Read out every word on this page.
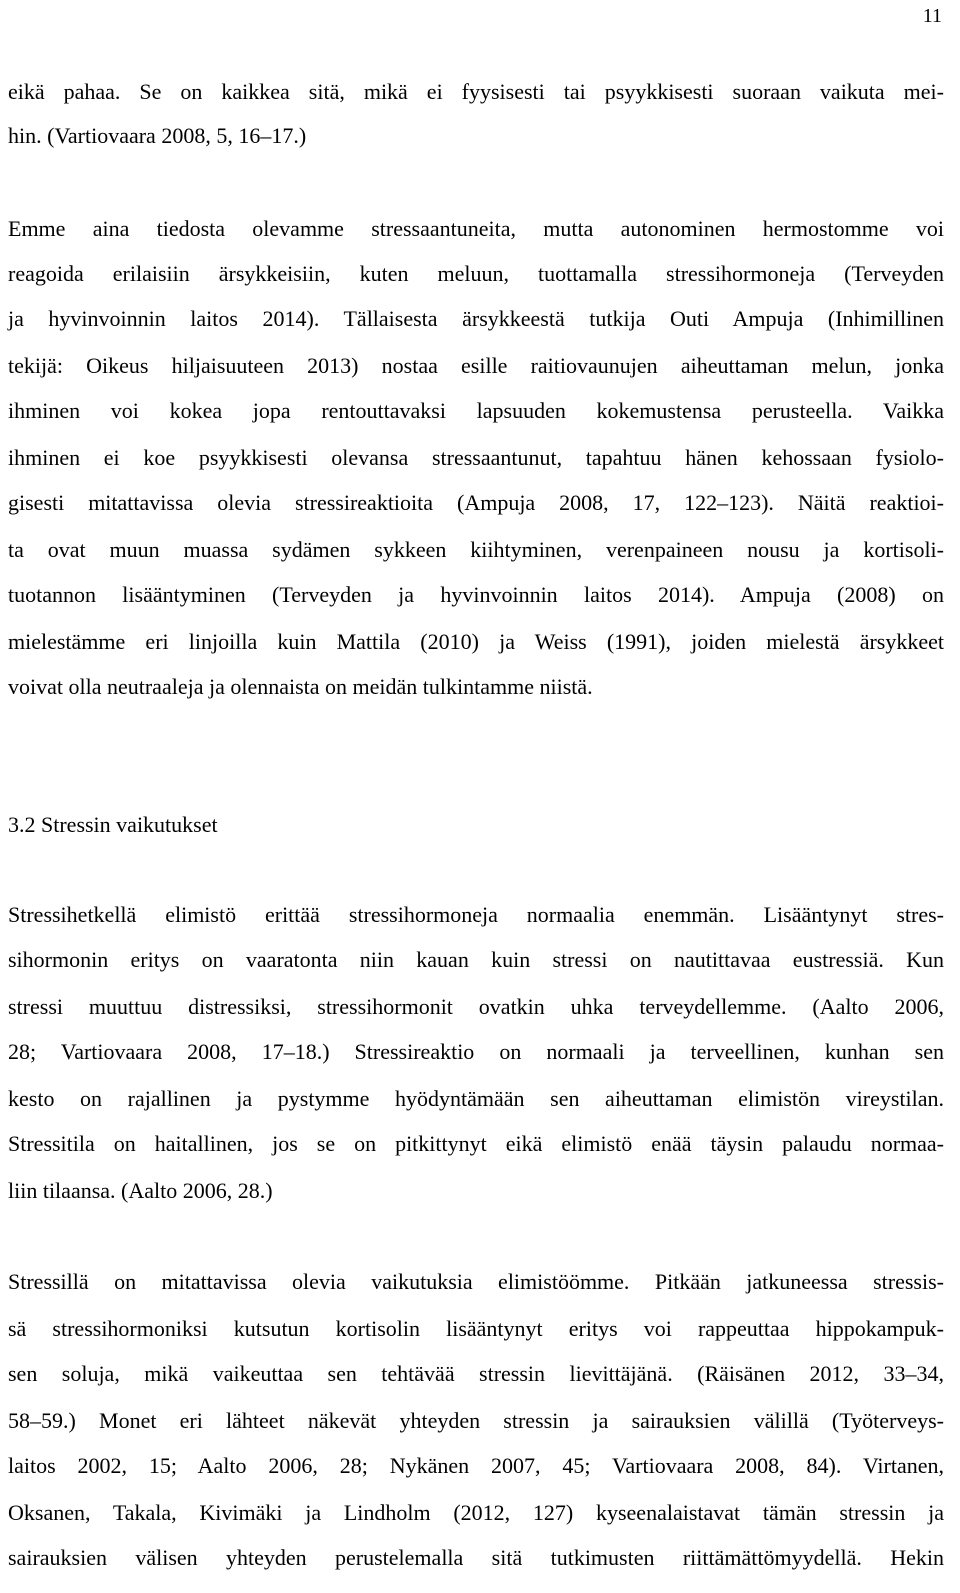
11
eikä pahaa. Se on kaikkea sitä, mikä ei fyysisesti tai psyykkisesti suoraan vaikuta mei-
hin. (Vartiovaara 2008, 5, 16–17.)
Emme aina tiedosta olevamme stressaantuneita, mutta autonominen hermostomme voi
reagoida erilaisiin ärsykkeisiin, kuten meluun, tuottamalla stressihormoneja (Terveyden
ja hyvinvoinnin laitos 2014). Tällaisesta ärsykkeestä tutkija Outi Ampuja (Inhimillinen
tekijä: Oikeus hiljaisuuteen 2013) nostaa esille raitiovaunujen aiheuttaman melun, jonka
ihminen voi kokea jopa rentouttavaksi lapsuuden kokemustensa perusteella. Vaikka
ihminen ei koe psyykkisesti olevansa stressaantunut, tapahtuu hänen kehossaan fysiolo-
gisesti mitattavissa olevia stressireaktioita (Ampuja 2008, 17, 122–123). Näitä reaktioi-
ta ovat muun muassa sydämen sykkeen kiihtyminen, verenpaineen nousu ja kortisoli-
tuotannon lisääntyminen (Terveyden ja hyvinvoinnin laitos 2014). Ampuja (2008) on
mielestämme eri linjoilla kuin Mattila (2010) ja Weiss (1991), joiden mielestä ärsykkeet
voivat olla neutraaleja ja olennaista on meidän tulkintamme niistä.
3.2 Stressin vaikutukset
Stressihetkellä elimistö erittää stressihormoneja normaalia enemmän. Lisääntynyt stres-
sihormonin eritys on vaaratonta niin kauan kuin stressi on nautittavaa eustressiä. Kun
stressi muuttuu distressiksi, stressihormonit ovatkin uhka terveydellemme. (Aalto 2006,
28; Vartiovaara 2008, 17–18.) Stressireaktio on normaali ja terveellinen, kunhan sen
kesto on rajallinen ja pystymme hyödyntämään sen aiheuttaman elimistön vireystilan.
Stressitila on haitallinen, jos se on pitkittynyt eikä elimistö enää täysin palaudu normaa-
liin tilaansa. (Aalto 2006, 28.)
Stressillä on mitattavissa olevia vaikutuksia elimistöömme. Pitkään jatkuneessa stressis-
sä stressihormoniksi kutsutun kortisolin lisääntynyt eritys voi rappeuttaa hippokampuk-
sen soluja, mikä vaikeuttaa sen tehtävää stressin lievittäjänä. (Räisänen 2012, 33–34,
58–59.) Monet eri lähteet näkevät yhteyden stressin ja sairauksien välillä (Työterveys-
laitos 2002, 15; Aalto 2006, 28; Nykänen 2007, 45; Vartiovaara 2008, 84). Virtanen,
Oksanen, Takala, Kivimäki ja Lindholm (2012, 127) kyseenalaistavat tämän stressin ja
sairauksien välisen yhteyden perustelemalla sitä tutkimusten riittämättömyydellä. Hekin
